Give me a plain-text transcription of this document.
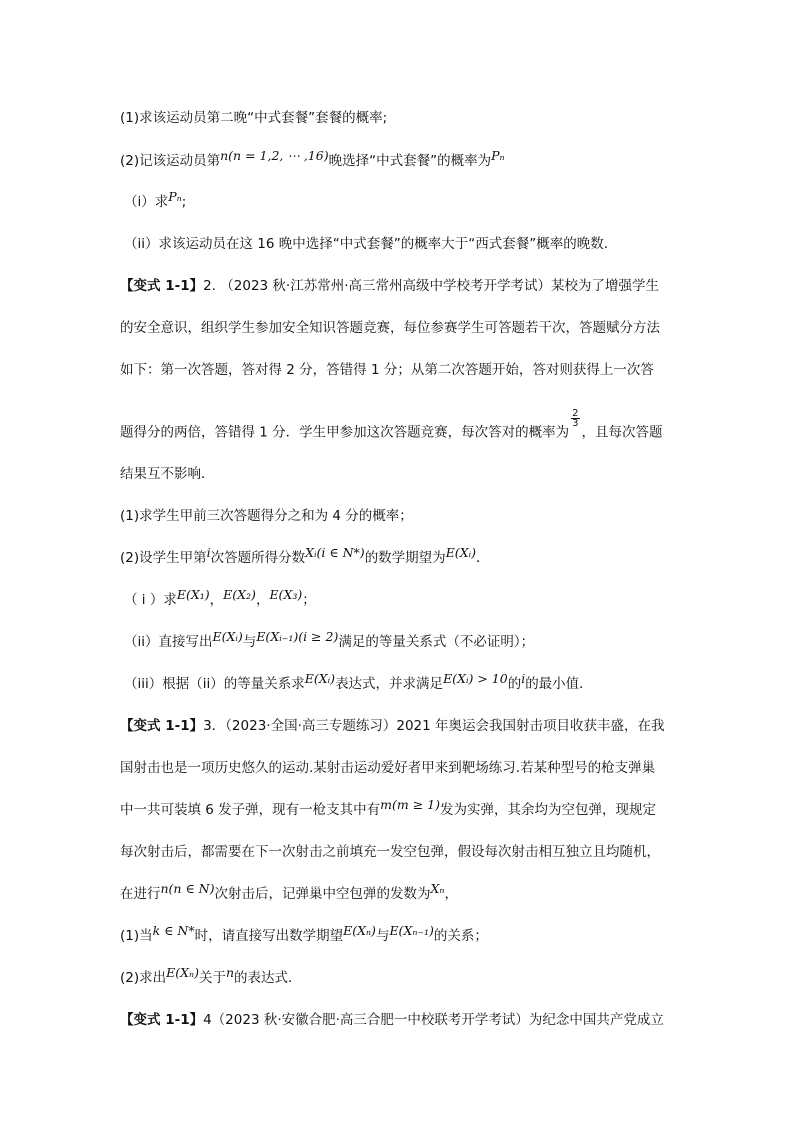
(1)求该运动员第二晚“中式套餐”套餐的概率;
(2)记该运动员第n(n = 1,2, ⋯ ,16)晚选择“中式套餐”的概率为Pₙ
（i）求Pₙ;
（ii）求该运动员在这 16 晚中选择“中式套餐”的概率大于“西式套餐”概率的晚数.
【变式 1-1】2. （2023 秋·江苏常州·高三常州高级中学校考开学考试）某校为了增强学生
的安全意识，组织学生参加安全知识答题竞赛，每位参赛学生可答题若干次，答题赋分方法
如下：第一次答题，答对得 2 分，答错得 1 分；从第二次答题开始，答对则获得上一次答
题得分的两倍，答错得 1 分．学生甲参加这次答题竞赛，每次答对的概率为
$\frac{2}{3}$
，且每次答题
结果互不影响．
(1)求学生甲前三次答题得分之和为 4 分的概率；
(2)设学生甲第i次答题所得分数Xᵢ(i ∈ N*)的数学期望为E(Xᵢ)．
（ i ）求E(X₁)，E(X₂)，E(X₃)；
（ii）直接写出E(Xᵢ)与E(Xᵢ₋₁)(i ≥ 2)满足的等量关系式（不必证明）；
（iii）根据（ii）的等量关系求E(Xᵢ)表达式，并求满足E(Xᵢ) > 10的i的最小值．
【变式 1-1】3．（2023·全国·高三专题练习）2021 年奥运会我国射击项目收获丰盛，在我
国射击也是一项历史悠久的运动.某射击运动爱好者甲来到靶场练习.若某种型号的枪支弹巢
中一共可装填 6 发子弹，现有一枪支其中有m(m ≥ 1)发为实弹，其余均为空包弹，现规定
每次射击后，都需要在下一次射击之前填充一发空包弹，假设每次射击相互独立且均随机，
在进行n(n ∈ N)次射击后，记弹巢中空包弹的发数为Xₙ，
(1)当k ∈ N*时，请直接写出数学期望E(Xₙ)与E(Xₙ₋₁)的关系；
(2)求出E(Xₙ)关于n的表达式.
【变式 1-1】4（2023 秋·安徽合肥·高三合肥一中校联考开学考试）为纪念中国共产党成立
